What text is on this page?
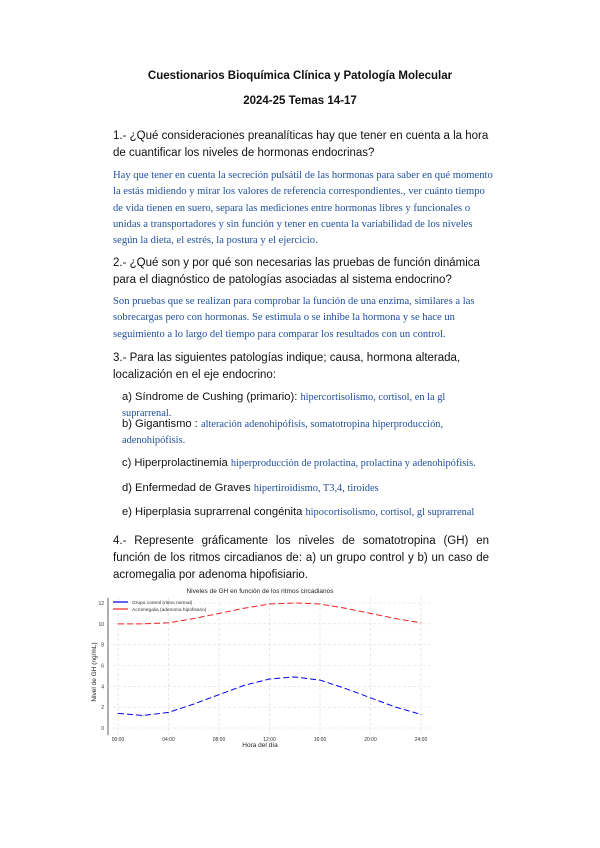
Cuestionarios Bioquímica Clínica y Patología Molecular
2024-25 Temas 14-17
1.- ¿Qué consideraciones preanalíticas hay que tener en cuenta a la hora de cuantificar los niveles de hormonas endocrinas?
Hay que tener en cuenta la secreción pulsátil de las hormonas para saber en qué momento la estás midiendo y mirar los valores de referencia correspondientes., ver cuánto tiempo de vida tienen en suero, separa las mediciones entre hormonas libres y funcionales o unidas a transportadores y sin función y tener en cuenta la variabilidad de los niveles según la dieta, el estrés, la postura y el ejercicio.
2.- ¿Qué son y por qué son necesarias las pruebas de función dinámica para el diagnóstico de patologías asociadas al sistema endocrino?
Son pruebas que se realizan para comprobar la función de una enzima, similares a las sobrecargas pero con hormonas. Se estimula o se inhibe la hormona y se hace un seguimiento a lo largo del tiempo para comparar los resultados con un control.
3.- Para las siguientes patologías indique; causa, hormona alterada, localización en el eje endocrino:
a) Síndrome de Cushing (primario): hipercortisolismo, cortisol, en la gl suprarrenal.
b) Gigantismo : alteración adenohipófisis, somatotropina hiperproducción, adenohipófisis.
c) Hiperprolactinemia hiperproducción de prolactina, prolactina y adenohipófisis.
d) Enfermedad de Graves hipertiroidismo, T3,4, tiroides
e) Hiperplasia suprarrenal congénita hipocortisolismo, cortisol, gl suprarrenal
4.- Represente gráficamente los niveles de somatotropina (GH) en función de los ritmos circadianos de: a) un grupo control y b) un caso de acromegalia por adenoma hipofisiario.
Niveles de GH en función de los ritmos circadianos
Hora del día
Nivel de GH (ng/mL)
00:00	04:00	08:00	12:00	16:00	20:00	24:00
0
2
4
6
8
10
12	Grupo control (ritmo normal)
Acromegalia (adenoma hipofisario)
